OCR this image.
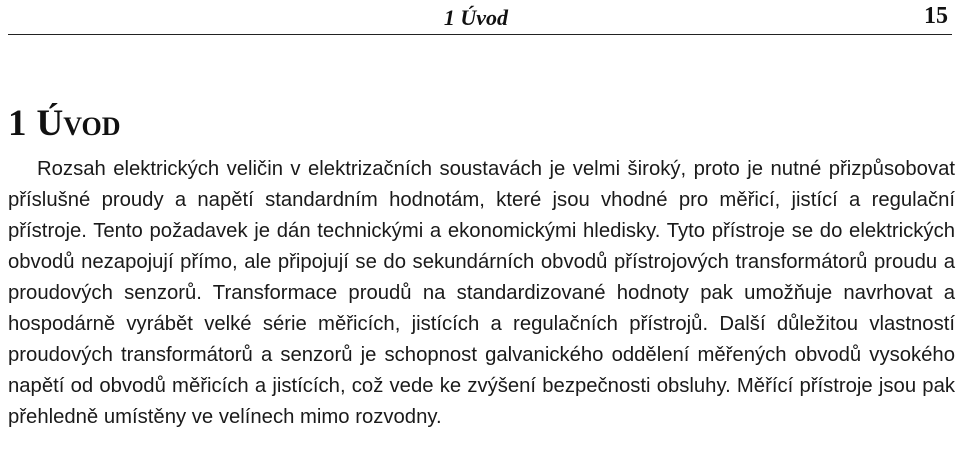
1 Úvod	15
1 Úvod

Rozsah elektrických veličin v elektrizačních soustavách je velmi široký, proto je nutné přizpůsobovat příslušné proudy a napětí standardním hodnotám, které jsou vhodné pro měřicí, jistící a regulační přístroje. Tento požadavek je dán technickými a ekonomickými hledisky. Tyto přístroje se do elektrických obvodů nezapojují přímo, ale připojují se do sekundárních obvodů přístrojových transformátorů proudu a proudových senzorů. Transformace proudů na standardizované hodnoty pak umožňuje navrhovat a hospodárně vyrábět velké série měřicích, jistících a regulačních přístrojů. Další důležitou vlastností proudových transformátorů a senzorů je schopnost galvanického oddělení měřených obvodů vysokého napětí od obvodů měřicích a jistících, což vede ke zvýšení bezpečnosti obsluhy. Měřící přístroje jsou pak přehledně umístěny ve velínech mimo rozvodny.
